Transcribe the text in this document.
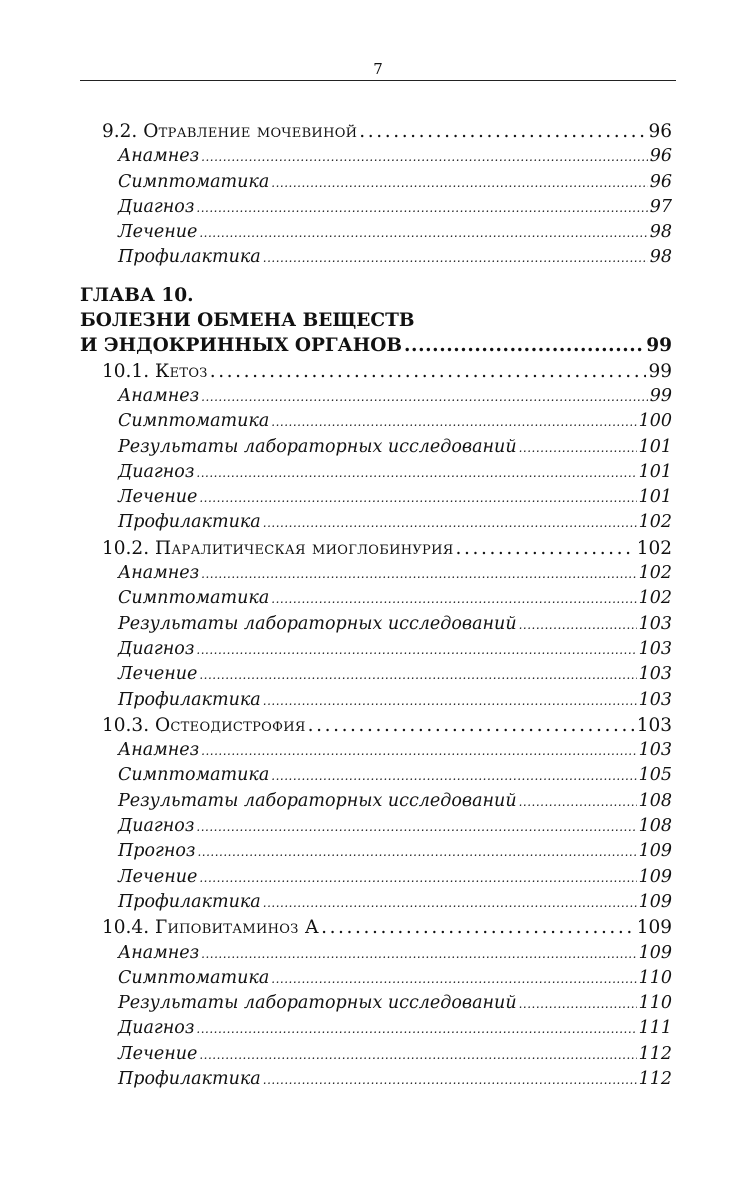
7
9.2. Отравление мочевиной .....	96
Анамнез .....	96
Симптоматика .....	96
Диагноз .....	97
Лечение .....	98
Профилактика .....	98
ГЛАВА 10.
БОЛЕЗНИ ОБМЕНА ВЕЩЕСТВ
И ЭНДОКРИННЫХ ОРГАНОВ .....	99
10.1. Кетоз .....	99
Анамнез .....	99
Симптоматика .....	100
Результаты лабораторных исследований .....	101
Диагноз .....	101
Лечение .....	101
Профилактика .....	102
10.2. Паралитическая миоглобинурия .....	102
Анамнез .....	102
Симптоматика .....	102
Результаты лабораторных исследований .....	103
Диагноз .....	103
Лечение .....	103
Профилактика .....	103
10.3. Остеодистрофия .....	103
Анамнез .....	103
Симптоматика .....	105
Результаты лабораторных исследований .....	108
Диагноз .....	108
Прогноз .....	109
Лечение .....	109
Профилактика .....	109
10.4. Гиповитаминоз А .....	109
Анамнез .....	109
Симптоматика .....	110
Результаты лабораторных исследований .....	110
Диагноз .....	111
Лечение .....	112
Профилактика .....	112
